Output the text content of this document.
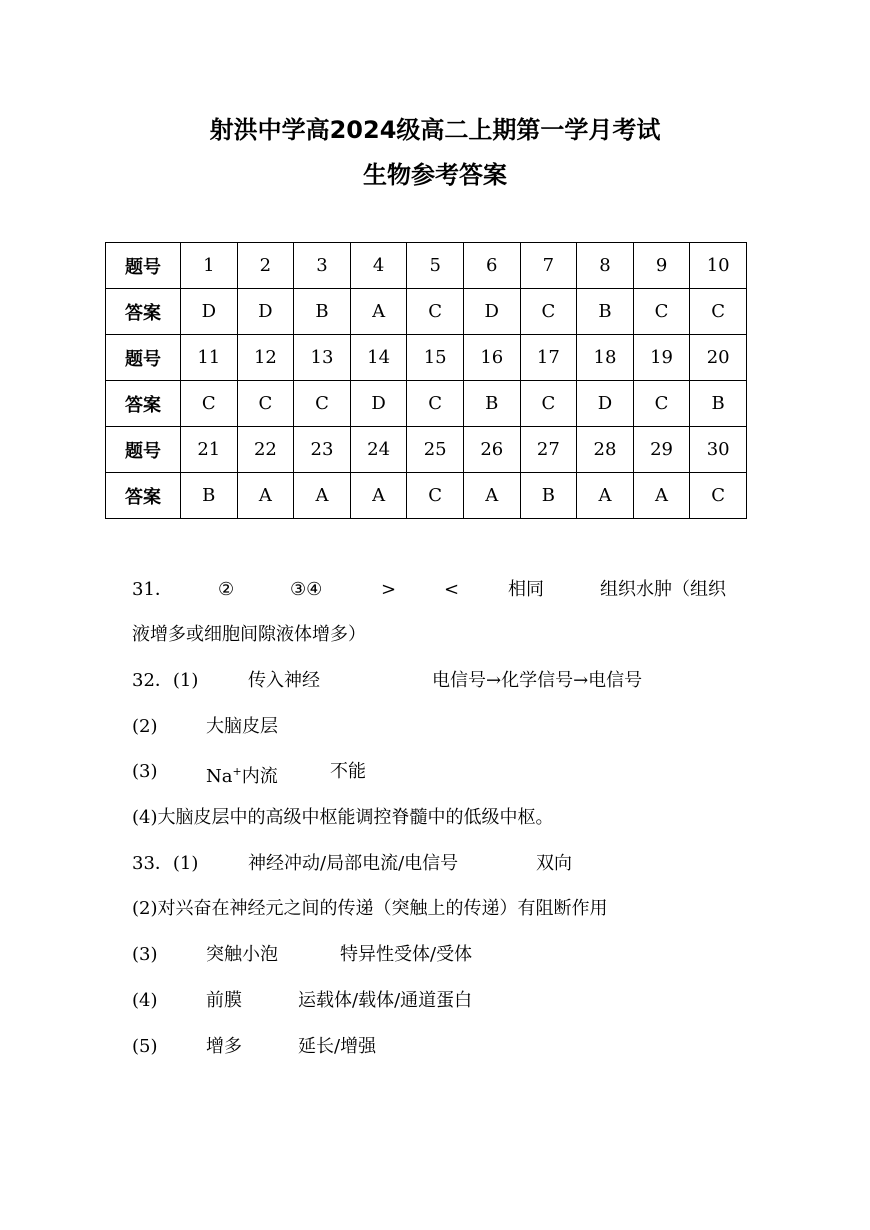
射洪中学高2024级高二上期第一学月考试
生物参考答案
题号	1	2	3	4	5	6	7	8	9	10
答案	D	D	B	A	C	D	C	B	C	C
题号	11	12	13	14	15	16	17	18	19	20
答案	C	C	C	D	C	B	C	D	C	B
题号	21	22	23	24	25	26	27	28	29	30
答案	B	A	A	A	C	A	B	A	A	C
31．	②	③④	>	<	相同	组织水肿（组织
液增多或细胞间隙液体增多）
32．(1)	传入神经	电信号→化学信号→电信号
(2)	大脑皮层
(3)	Na+内流	不能
(4)大脑皮层中的高级中枢能调控脊髓中的低级中枢。
33．(1)	神经冲动/局部电流/电信号	双向
(2)对兴奋在神经元之间的传递（突触上的传递）有阻断作用
(3)	突触小泡	特异性受体/受体
(4)	前膜	运载体/载体/通道蛋白
(5)	增多	延长/增强
